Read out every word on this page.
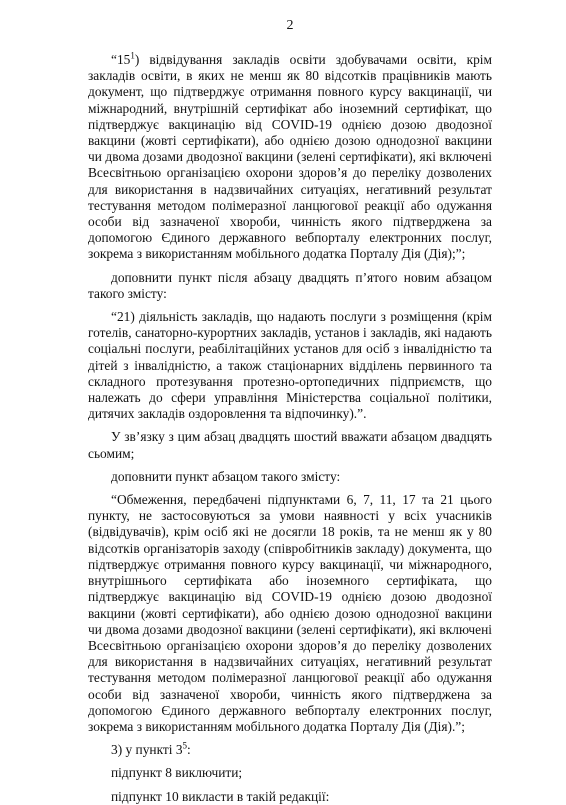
2

“$15^1$) відвідування закладів освіти здобувачами освіти, крім закладів освіти, в яких не менш як 80 відсотків працівників мають документ, що підтверджує отримання повного курсу вакцинації, чи міжнародний, внутрішній сертифікат або іноземний сертифікат, що підтверджує вакцинацію від COVID-19 однією дозою дводозної вакцини (жовті сертифікати), або однією дозою однодозної вакцини чи двома дозами дводозної вакцини (зелені сертифікати), які включені Всесвітньою організацією охорони здоров’я до переліку дозволених для використання в надзвичайних ситуаціях, негативний результат тестування методом полімеразної ланцюгової реакції або одужання особи від зазначеної хвороби, чинність якого підтверджена за допомогою Єдиного державного вебпорталу електронних послуг, зокрема з використанням мобільного додатка Порталу Дія (Дія);”;

доповнити пункт після абзацу двадцять п’ятого новим абзацом такого змісту:

“21) діяльність закладів, що надають послуги з розміщення (крім готелів, санаторно-курортних закладів, установ і закладів, які надають соціальні послуги, реабілітаційних установ для осіб з інвалідністю та дітей з інвалідністю, а також стаціонарних відділень первинного та складного протезування протезно-ортопедичних підприємств, що належать до сфери управління Міністерства соціальної політики, дитячих закладів оздоровлення та відпочинку).”.

У зв’язку з цим абзац двадцять шостий вважати абзацом двадцять сьомим;

доповнити пункт абзацом такого змісту:

“Обмеження, передбачені підпунктами 6, 7, 11, 17 та 21 цього пункту, не застосовуються за умови наявності у всіх учасників (відвідувачів), крім осіб які не досягли 18 років, та не менш як у 80 відсотків організаторів заходу (співробітників закладу) документа, що підтверджує отримання повного курсу вакцинації, чи міжнародного, внутрішнього сертифіката або іноземного сертифіката, що підтверджує вакцинацію від COVID-19 однією дозою дводозної вакцини (жовті сертифікати), або однією дозою однодозної вакцини чи двома дозами дводозної вакцини (зелені сертифікати), які включені Всесвітньою організацією охорони здоров’я до переліку дозволених для використання в надзвичайних ситуаціях, негативний результат тестування методом полімеразної ланцюгової реакції або одужання особи від зазначеної хвороби, чинність якого підтверджена за допомогою Єдиного державного вебпорталу електронних послуг, зокрема з використанням мобільного додатка Порталу Дія (Дія).”;

3) у пункті $3^5$:

підпункт 8 виключити;

підпункт 10 викласти в такій редакції:
